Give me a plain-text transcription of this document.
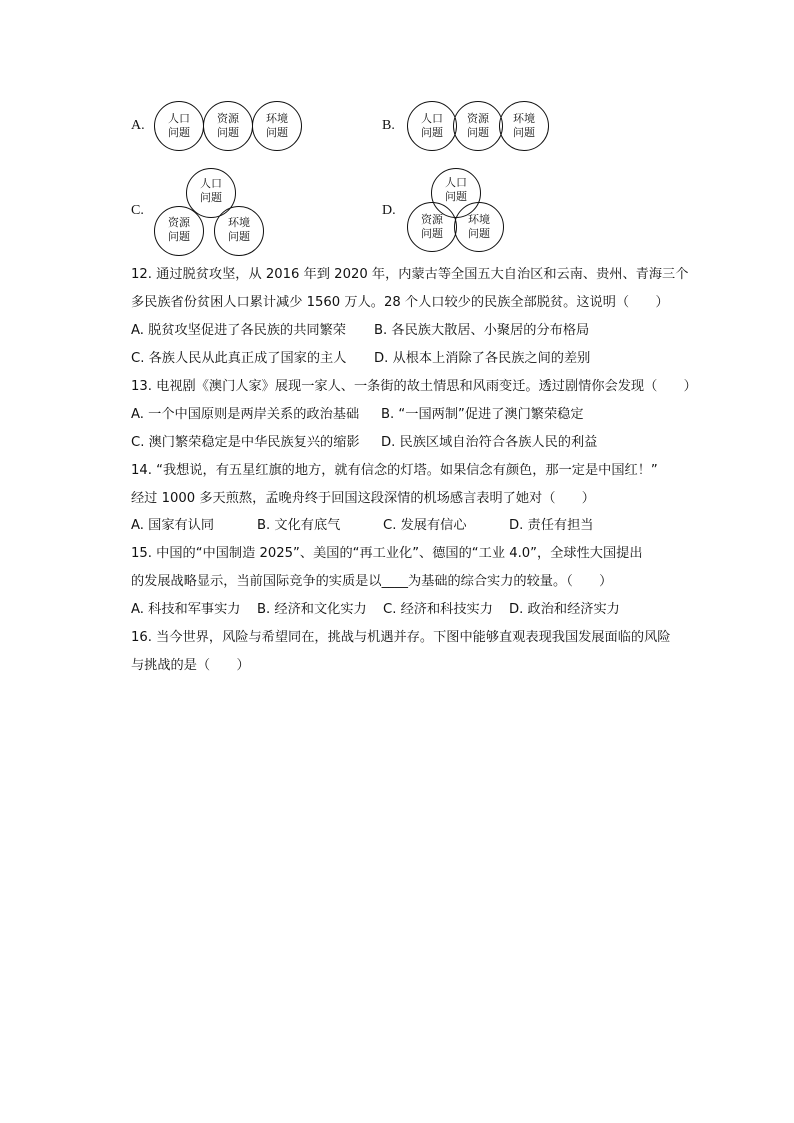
A.	人口
问题
资源
问题
环境
问题	B.	人口
问题
资源
问题
环境
问题
C.
人口
问题
资源
问题
环境
问题
D.
人口
问题
资源
问题
环境
问题
12. 通过脱贫攻坚，从 2016 年到 2020 年，内蒙古等全国五大自治区和云南、贵州、青海三个
多民族省份贫困人口累计减少 1560 万人。28 个人口较少的民族全部脱贫。这说明（　　）
A. 脱贫攻坚促进了各民族的共同繁荣 B. 各民族大散居、小聚居的分布格局
C. 各族人民从此真正成了国家的主人 D. 从根本上消除了各民族之间的差别
13. 电视剧《澳门人家》展现一家人、一条街的故土情思和风雨变迁。透过剧情你会发现（　　）
A. 一个中国原则是两岸关系的政治基础 B. “一国两制”促进了澳门繁荣稳定
C. 澳门繁荣稳定是中华民族复兴的缩影 D. 民族区域自治符合各族人民的利益
14. “我想说，有五星红旗的地方，就有信念的灯塔。如果信念有颜色，那一定是中国红！”
经过 1000 多天煎熬，孟晚舟终于回国这段深情的机场感言表明了她对（　　）
A. 国家有认同	B. 文化有底气	C. 发展有信心	D. 责任有担当
15. 中国的“中国制造 2025”、美国的“再工业化”、德国的“工业 4.0”，全球性大国提出
的发展战略显示，当前国际竞争的实质是以____为基础的综合实力的较量。（　　）
A. 科技和军事实力 B. 经济和文化实力 C. 经济和科技实力 D. 政治和经济实力
16. 当今世界，风险与希望同在，挑战与机遇并存。下图中能够直观表现我国发展面临的风险
与挑战的是（　　）
